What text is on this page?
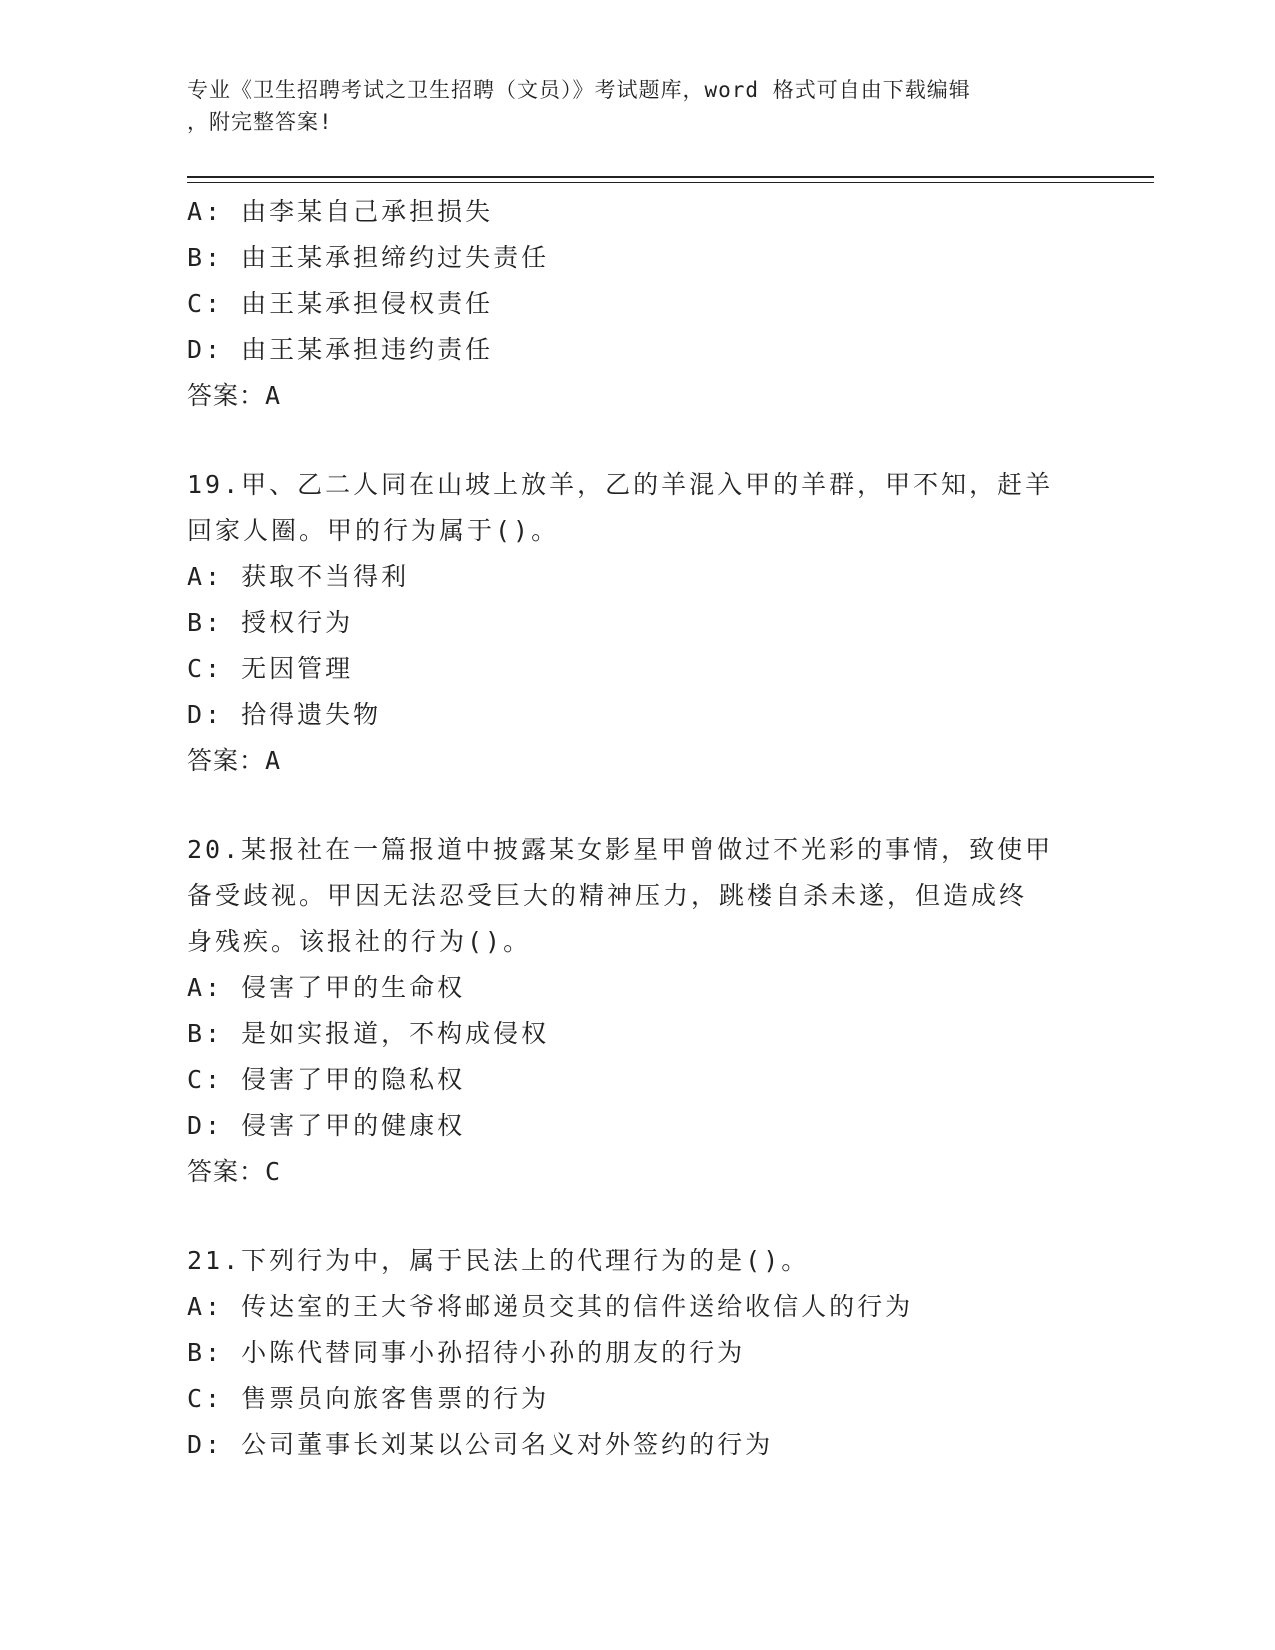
专业《卫生招聘考试之卫生招聘（文员）》考试题库，word 格式可自由下载编辑
，附完整答案!
A: 由李某自己承担损失
B: 由王某承担缔约过失责任
C: 由王某承担侵权责任
D: 由王某承担违约责任
答案：A
19.甲、乙二人同在山坡上放羊，乙的羊混入甲的羊群，甲不知，赶羊
回家人圈。甲的行为属于()。
A: 获取不当得利
B: 授权行为
C: 无因管理
D: 拾得遗失物
答案：A
20.某报社在一篇报道中披露某女影星甲曾做过不光彩的事情，致使甲
备受歧视。甲因无法忍受巨大的精神压力，跳楼自杀未遂，但造成终
身残疾。该报社的行为()。
A: 侵害了甲的生命权
B: 是如实报道，不构成侵权
C: 侵害了甲的隐私权
D: 侵害了甲的健康权
答案：C
21.下列行为中，属于民法上的代理行为的是()。
A: 传达室的王大爷将邮递员交其的信件送给收信人的行为
B: 小陈代替同事小孙招待小孙的朋友的行为
C: 售票员向旅客售票的行为
D: 公司董事长刘某以公司名义对外签约的行为
